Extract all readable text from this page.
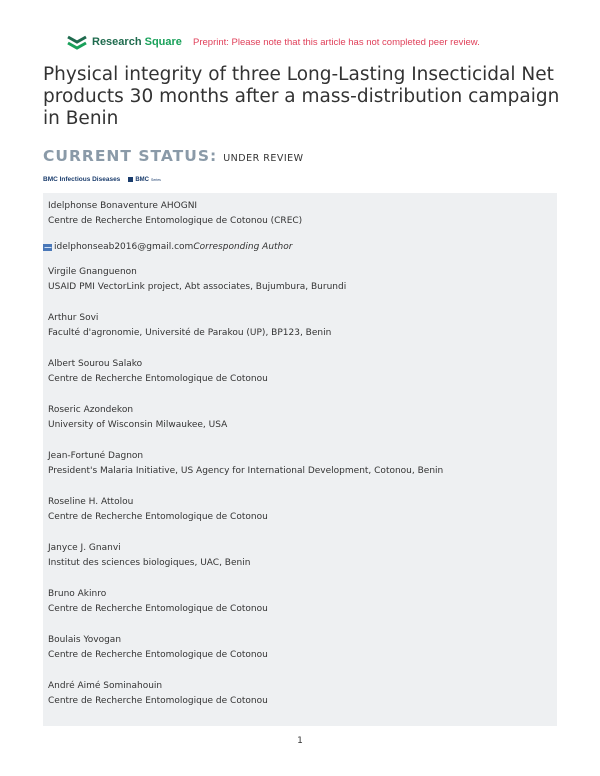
Research Square Preprint: Please note that this article has not completed peer review.
Physical integrity of three Long-Lasting Insecticidal Net products 30 months after a mass-distribution campaign in Benin
CURRENT STATUS: UNDER REVIEW
BMC Infectious Diseases	BMC Series
Idelphonse Bonaventure AHOGNI
Centre de Recherche Entomologique de Cotonou (CREC)
idelphonseab2016@gmail.com Corresponding Author
Virgile Gnanguenon
USAID PMI VectorLink project, Abt associates, Bujumbura, Burundi
Arthur Sovi
Faculté d'agronomie, Université de Parakou (UP), BP123, Benin
Albert Sourou Salako
Centre de Recherche Entomologique de Cotonou
Roseric Azondekon
University of Wisconsin Milwaukee, USA
Jean-Fortuné Dagnon
President's Malaria Initiative, US Agency for International Development, Cotonou, Benin
Roseline H. Attolou
Centre de Recherche Entomologique de Cotonou
Janyce J. Gnanvi
Institut des sciences biologiques, UAC, Benin
Bruno Akinro
Centre de Recherche Entomologique de Cotonou
Boulais Yovogan
Centre de Recherche Entomologique de Cotonou
André Aimé Sominahouin
Centre de Recherche Entomologique de Cotonou
1
